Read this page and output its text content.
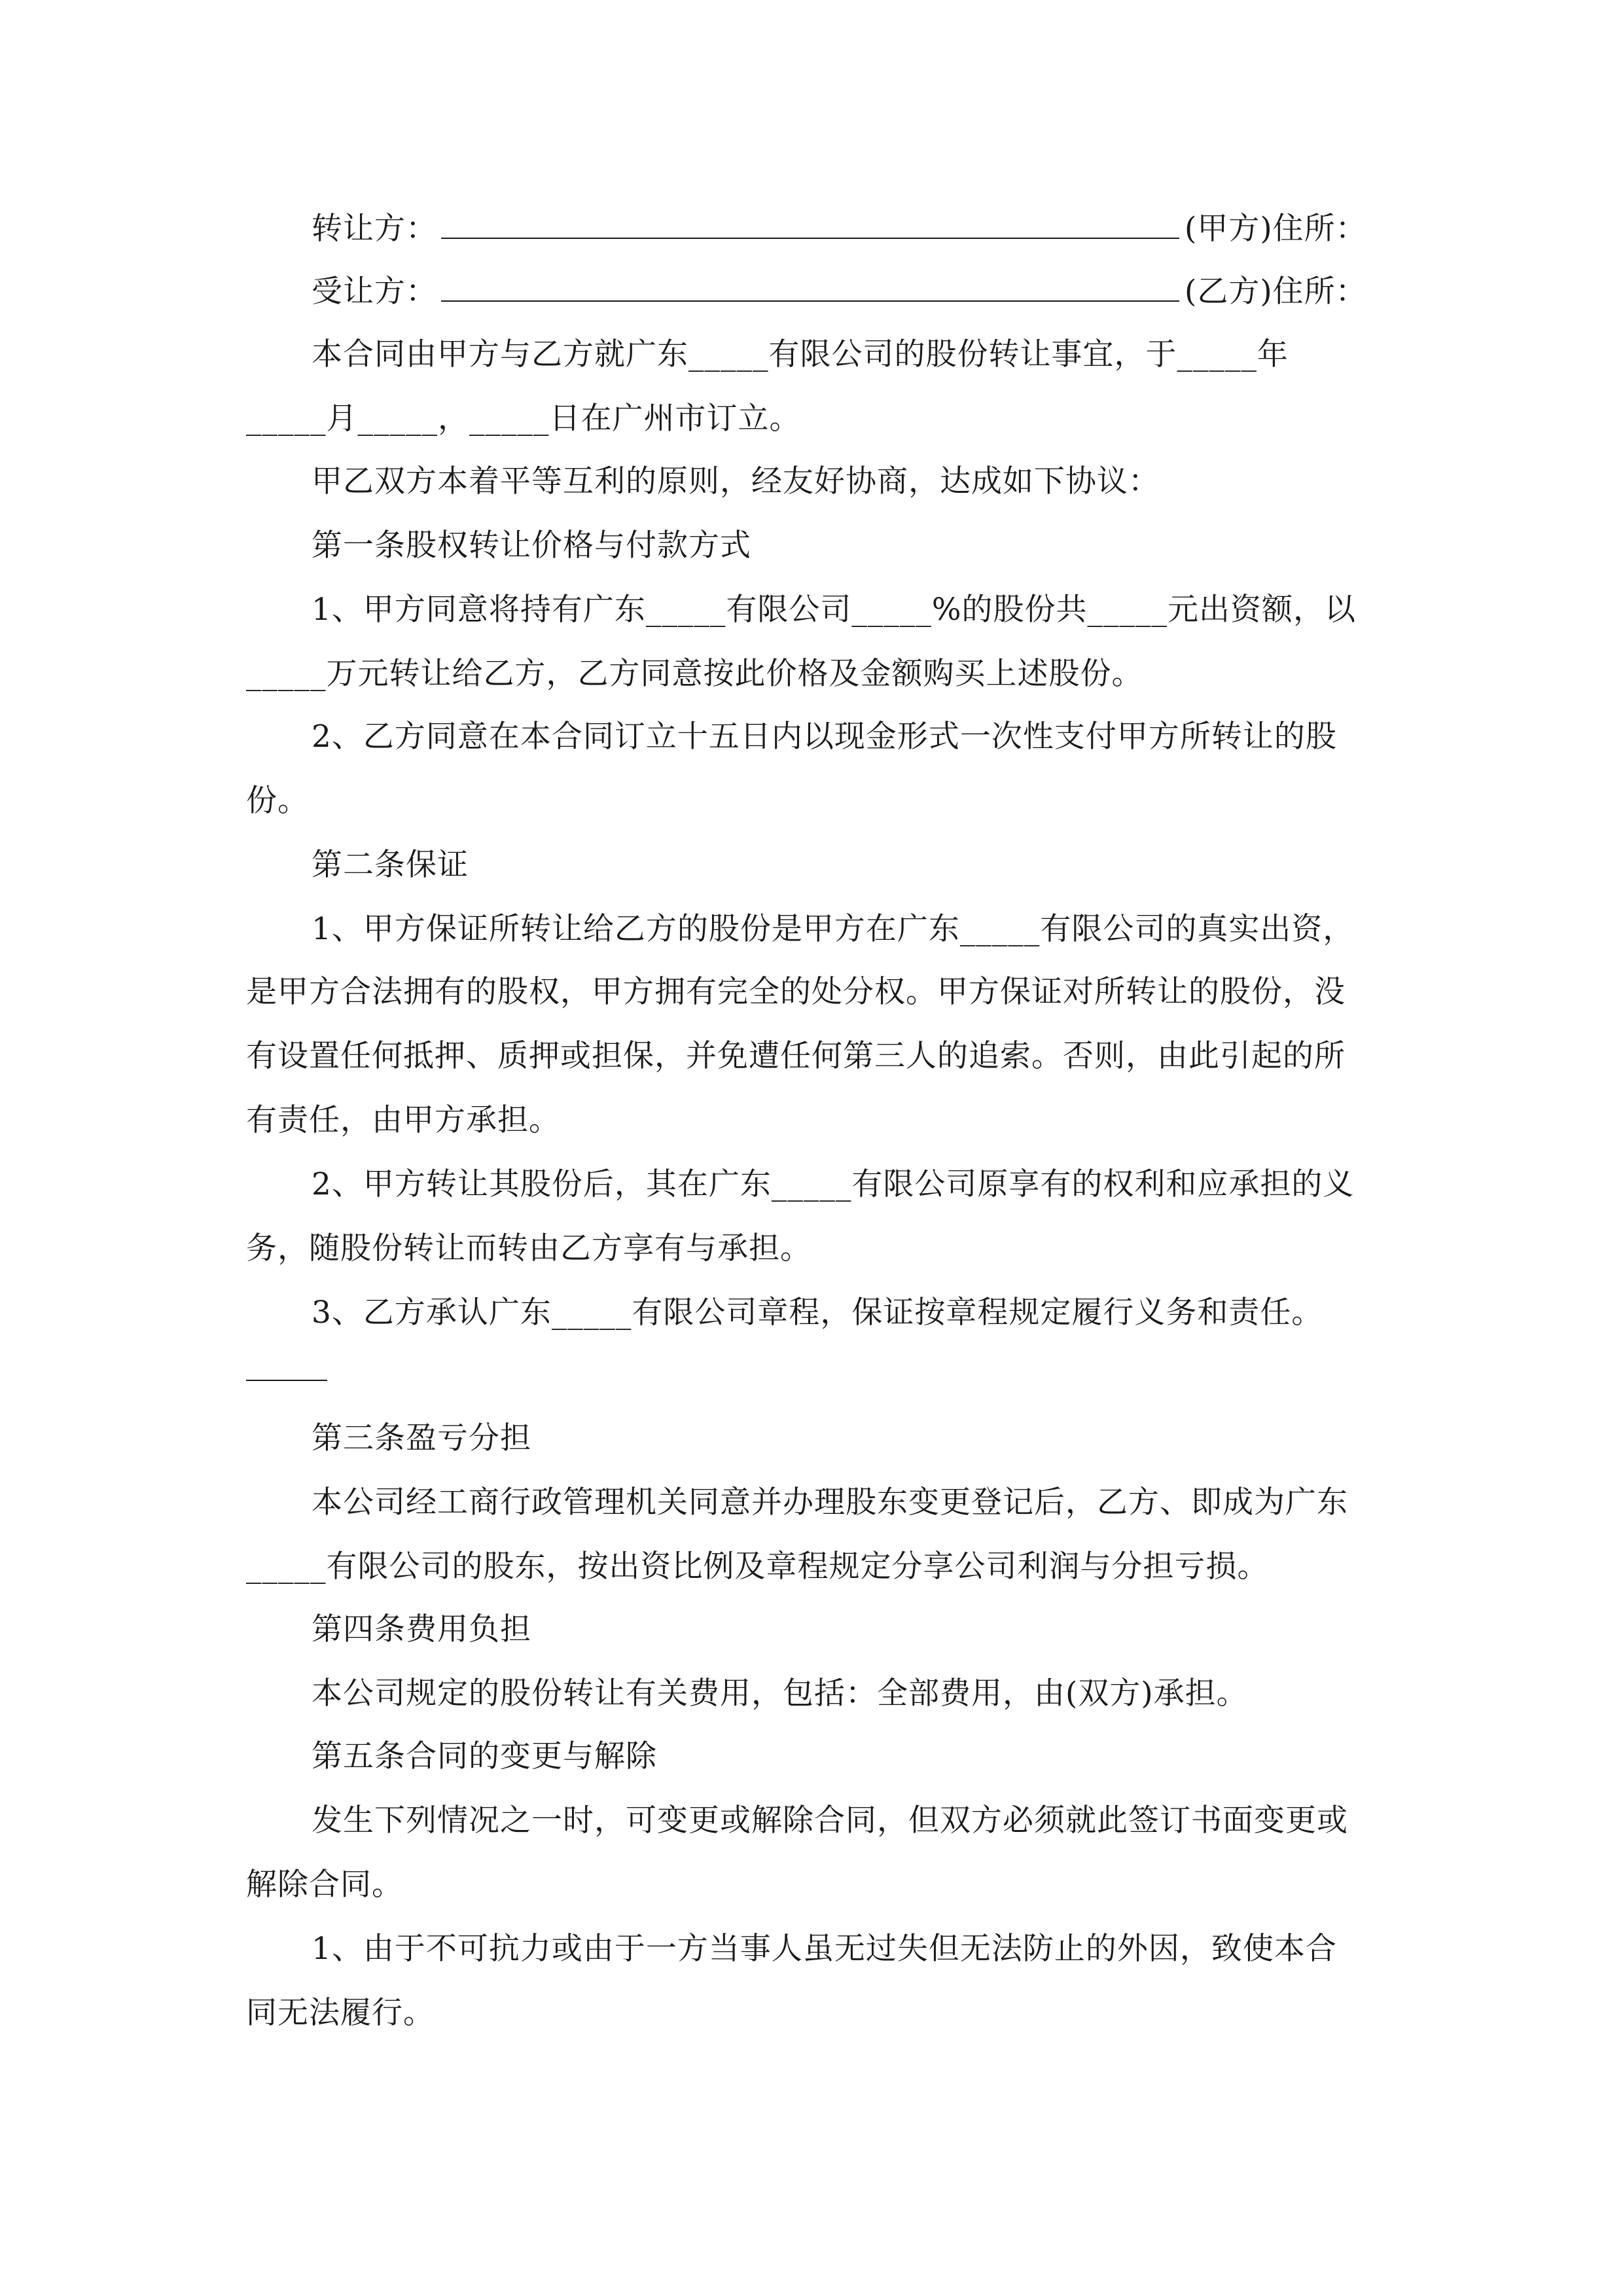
转让方：	(甲方)住所：
受让方：	(乙方)住所：
本合同由甲方与乙方就广东_____有限公司的股份转让事宜，于_____年
_____月_____，_____日在广州市订立。
甲乙双方本着平等互利的原则，经友好协商，达成如下协议：
第一条股权转让价格与付款方式
1、甲方同意将持有广东_____有限公司_____%的股份共_____元出资额，以
_____万元转让给乙方，乙方同意按此价格及金额购买上述股份。
2、乙方同意在本合同订立十五日内以现金形式一次性支付甲方所转让的股
份。
第二条保证
1、甲方保证所转让给乙方的股份是甲方在广东_____有限公司的真实出资，
是甲方合法拥有的股权，甲方拥有完全的处分权。甲方保证对所转让的股份，没
有设置任何抵押、质押或担保，并免遭任何第三人的追索。否则，由此引起的所
有责任，由甲方承担。
2、甲方转让其股份后，其在广东_____有限公司原享有的权利和应承担的义
务，随股份转让而转由乙方享有与承担。
3、乙方承认广东_____有限公司章程，保证按章程规定履行义务和责任。
第三条盈亏分担
本公司经工商行政管理机关同意并办理股东变更登记后，乙方、即成为广东
_____有限公司的股东，按出资比例及章程规定分享公司利润与分担亏损。
第四条费用负担
本公司规定的股份转让有关费用，包括：全部费用，由(双方)承担。
第五条合同的变更与解除
发生下列情况之一时，可变更或解除合同，但双方必须就此签订书面变更或
解除合同。
1、由于不可抗力或由于一方当事人虽无过失但无法防止的外因，致使本合
同无法履行。
